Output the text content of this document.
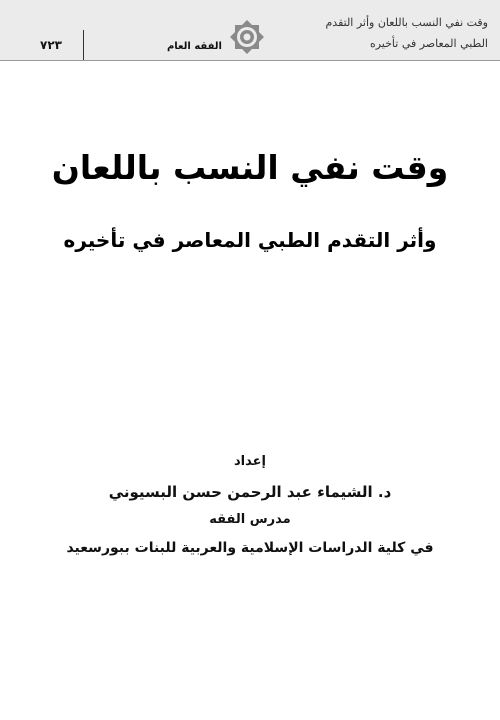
٧٢٣	الفقه العام
وقت نفي النسب باللعان وأثر التقدم
الطبي المعاصر في تأخيره
وقت نفي النسب باللعان
وأثر التقدم الطبي المعاصر في تأخيره
إعداد
د. الشيماء عبد الرحمن حسن البسيوني
مدرس الفقه
في كلية الدراسات الإسلامية والعربية للبنات ببورسعيد
